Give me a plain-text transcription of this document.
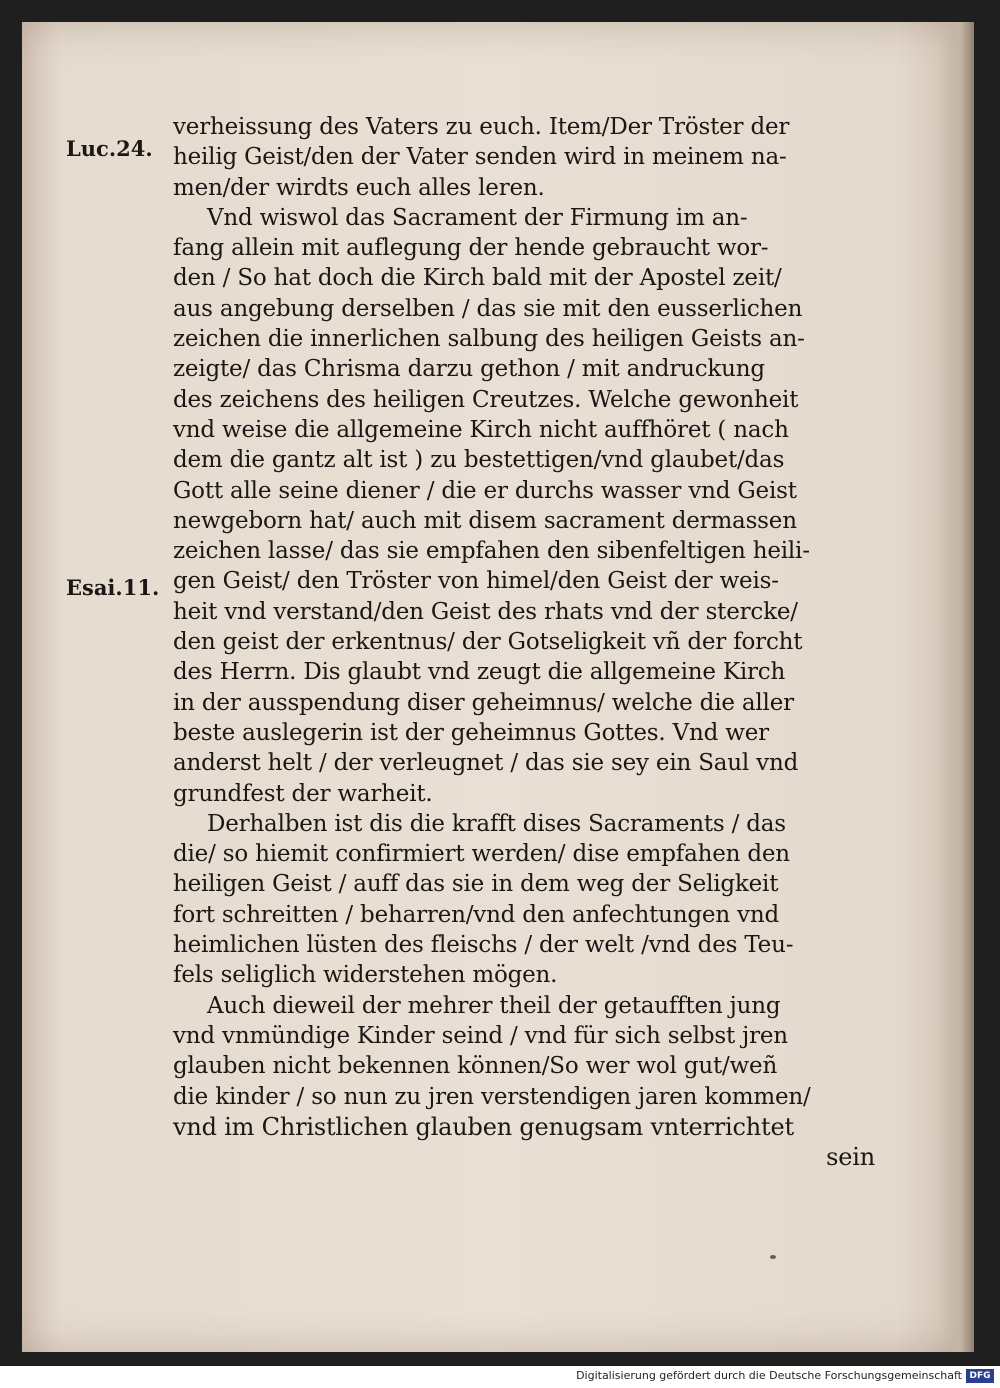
Luc.24.
Esai.11.
verheissung des Vaters zu euch. Item/Der Tröster der
heilig Geist/den der Vater senden wird in meinem na-
men/der wirdts euch alles leren.
Vnd wiswol das Sacrament der Firmung im an-
fang allein mit auflegung der hende gebraucht wor-
den / So hat doch die Kirch bald mit der Apostel zeit/
aus angebung derselben / das sie mit den eusserlichen
zeichen die innerlichen salbung des heiligen Geists an-
zeigte/ das Chrisma darzu gethon / mit andruckung
des zeichens des heiligen Creutzes. Welche gewonheit
vnd weise die allgemeine Kirch nicht auffhöret ( nach
dem die gantz alt ist ) zu bestettigen/vnd glaubet/das
Gott alle seine diener / die er durchs wasser vnd Geist
newgeborn hat/ auch mit disem sacrament dermassen
zeichen lasse/ das sie empfahen den sibenfeltigen heili-
gen Geist/ den Tröster von himel/den Geist der weis-
heit vnd verstand/den Geist des rhats vnd der stercke/
den geist der erkentnus/ der Gotseligkeit vñ der forcht
des Herrn. Dis glaubt vnd zeugt die allgemeine Kirch
in der ausspendung diser geheimnus/ welche die aller
beste auslegerin ist der geheimnus Gottes. Vnd wer
anderst helt / der verleugnet / das sie sey ein Saul vnd
grundfest der warheit.
Derhalben ist dis die krafft dises Sacraments / das
die/ so hiemit confirmiert werden/ dise empfahen den
heiligen Geist / auff das sie in dem weg der Seligkeit
fort schreitten / beharren/vnd den anfechtungen vnd
heimlichen lüsten des fleischs / der welt /vnd des Teu-
fels seliglich widerstehen mögen.
Auch dieweil der mehrer theil der getaufften jung
vnd vnmündige Kinder seind / vnd für sich selbst jren
glauben nicht bekennen können/So wer wol gut/weñ
die kinder / so nun zu jren verstendigen jaren kommen/
vnd im Christlichen glauben genugsam vnterrichtet
sein
Digitalisierung gefördert durch die Deutsche Forschungsgemeinschaft DFG
